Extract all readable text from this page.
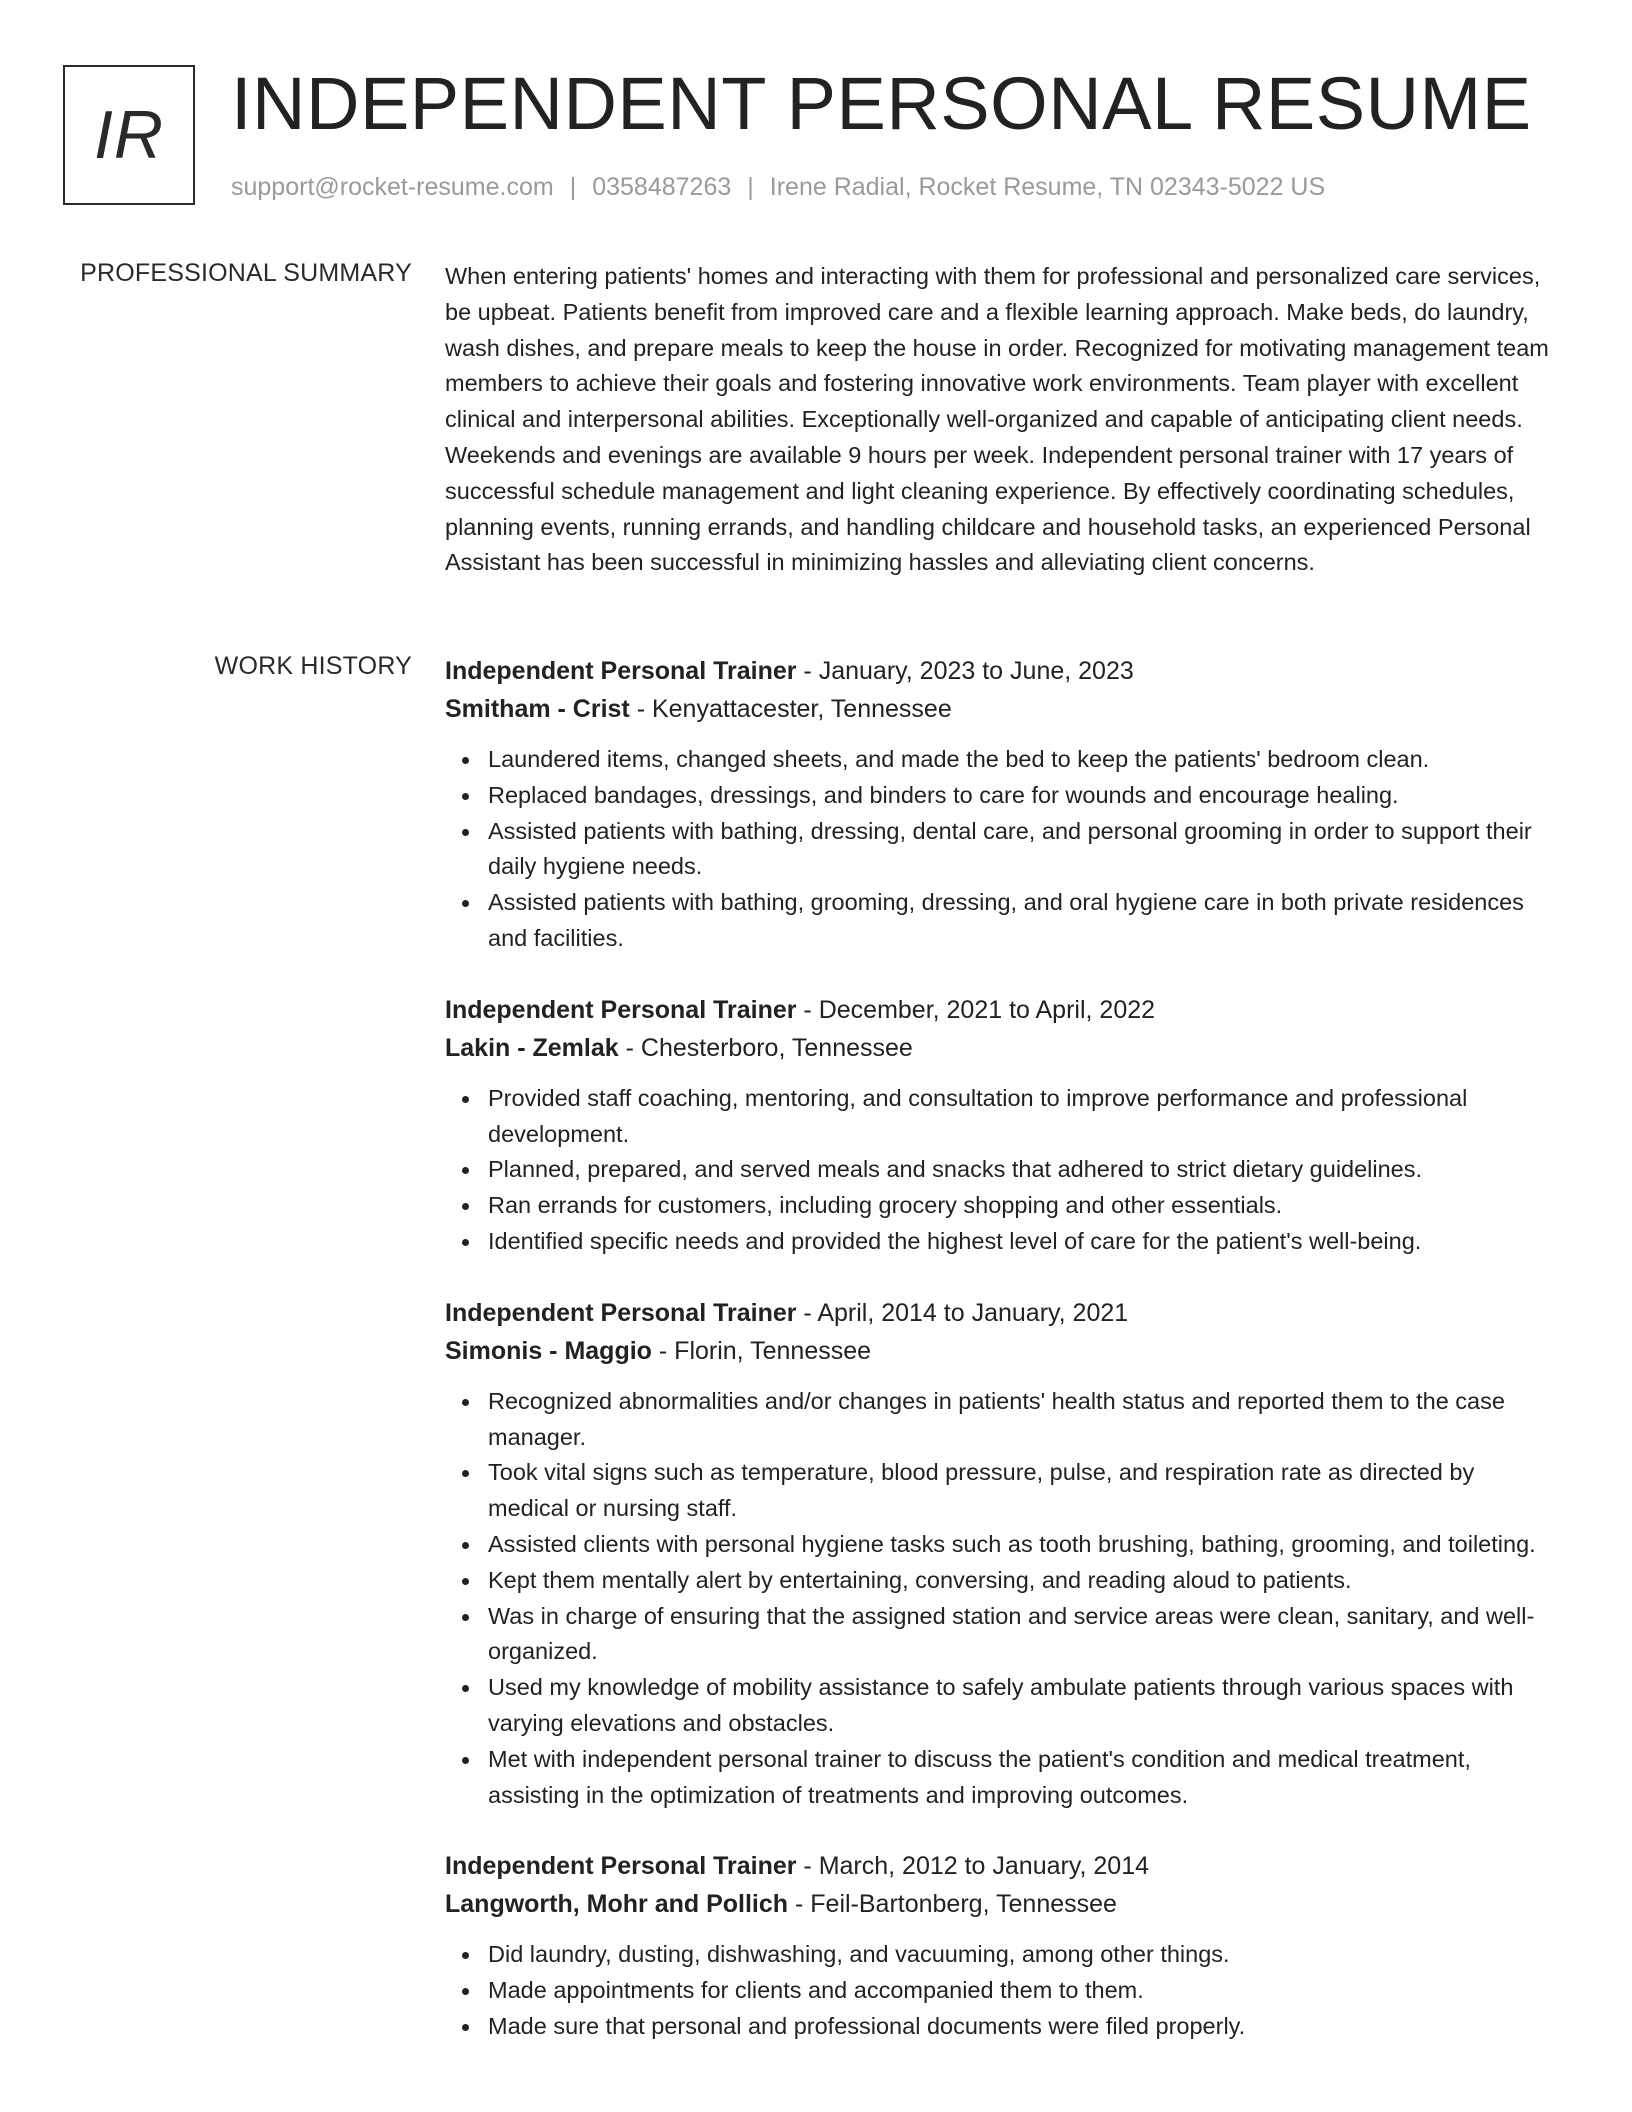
IR INDEPENDENT PERSONAL RESUME
support@rocket-resume.com | 0358487263 | Irene Radial, Rocket Resume, TN 02343-5022 US
PROFESSIONAL SUMMARY When entering patients' homes and interacting with them for professional and personalized care services, be upbeat. Patients benefit from improved care and a flexible learning approach. Make beds, do laundry, wash dishes, and prepare meals to keep the house in order. Recognized for motivating management team members to achieve their goals and fostering innovative work environments. Team player with excellent clinical and interpersonal abilities. Exceptionally well-organized and capable of anticipating client needs. Weekends and evenings are available 9 hours per week. Independent personal trainer with 17 years of successful schedule management and light cleaning experience. By effectively coordinating schedules, planning events, running errands, and handling childcare and household tasks, an experienced Personal Assistant has been successful in minimizing hassles and alleviating client concerns.
WORK HISTORY Independent Personal Trainer - January, 2023 to June, 2023
Smitham - Crist - Kenyattacester, Tennessee
Laundered items, changed sheets, and made the bed to keep the patients' bedroom clean.
Replaced bandages, dressings, and binders to care for wounds and encourage healing.
Assisted patients with bathing, dressing, dental care, and personal grooming in order to support their daily hygiene needs.
Assisted patients with bathing, grooming, dressing, and oral hygiene care in both private residences and facilities.
Independent Personal Trainer - December, 2021 to April, 2022
Lakin - Zemlak - Chesterboro, Tennessee
Provided staff coaching, mentoring, and consultation to improve performance and professional development.
Planned, prepared, and served meals and snacks that adhered to strict dietary guidelines.
Ran errands for customers, including grocery shopping and other essentials.
Identified specific needs and provided the highest level of care for the patient's well-being.
Independent Personal Trainer - April, 2014 to January, 2021
Simonis - Maggio - Florin, Tennessee
Recognized abnormalities and/or changes in patients' health status and reported them to the case manager.
Took vital signs such as temperature, blood pressure, pulse, and respiration rate as directed by medical or nursing staff.
Assisted clients with personal hygiene tasks such as tooth brushing, bathing, grooming, and toileting.
Kept them mentally alert by entertaining, conversing, and reading aloud to patients.
Was in charge of ensuring that the assigned station and service areas were clean, sanitary, and well-organized.
Used my knowledge of mobility assistance to safely ambulate patients through various spaces with varying elevations and obstacles.
Met with independent personal trainer to discuss the patient's condition and medical treatment, assisting in the optimization of treatments and improving outcomes.
Independent Personal Trainer - March, 2012 to January, 2014
Langworth, Mohr and Pollich - Feil-Bartonberg, Tennessee
Did laundry, dusting, dishwashing, and vacuuming, among other things.
Made appointments for clients and accompanied them to them.
Made sure that personal and professional documents were filed properly.
